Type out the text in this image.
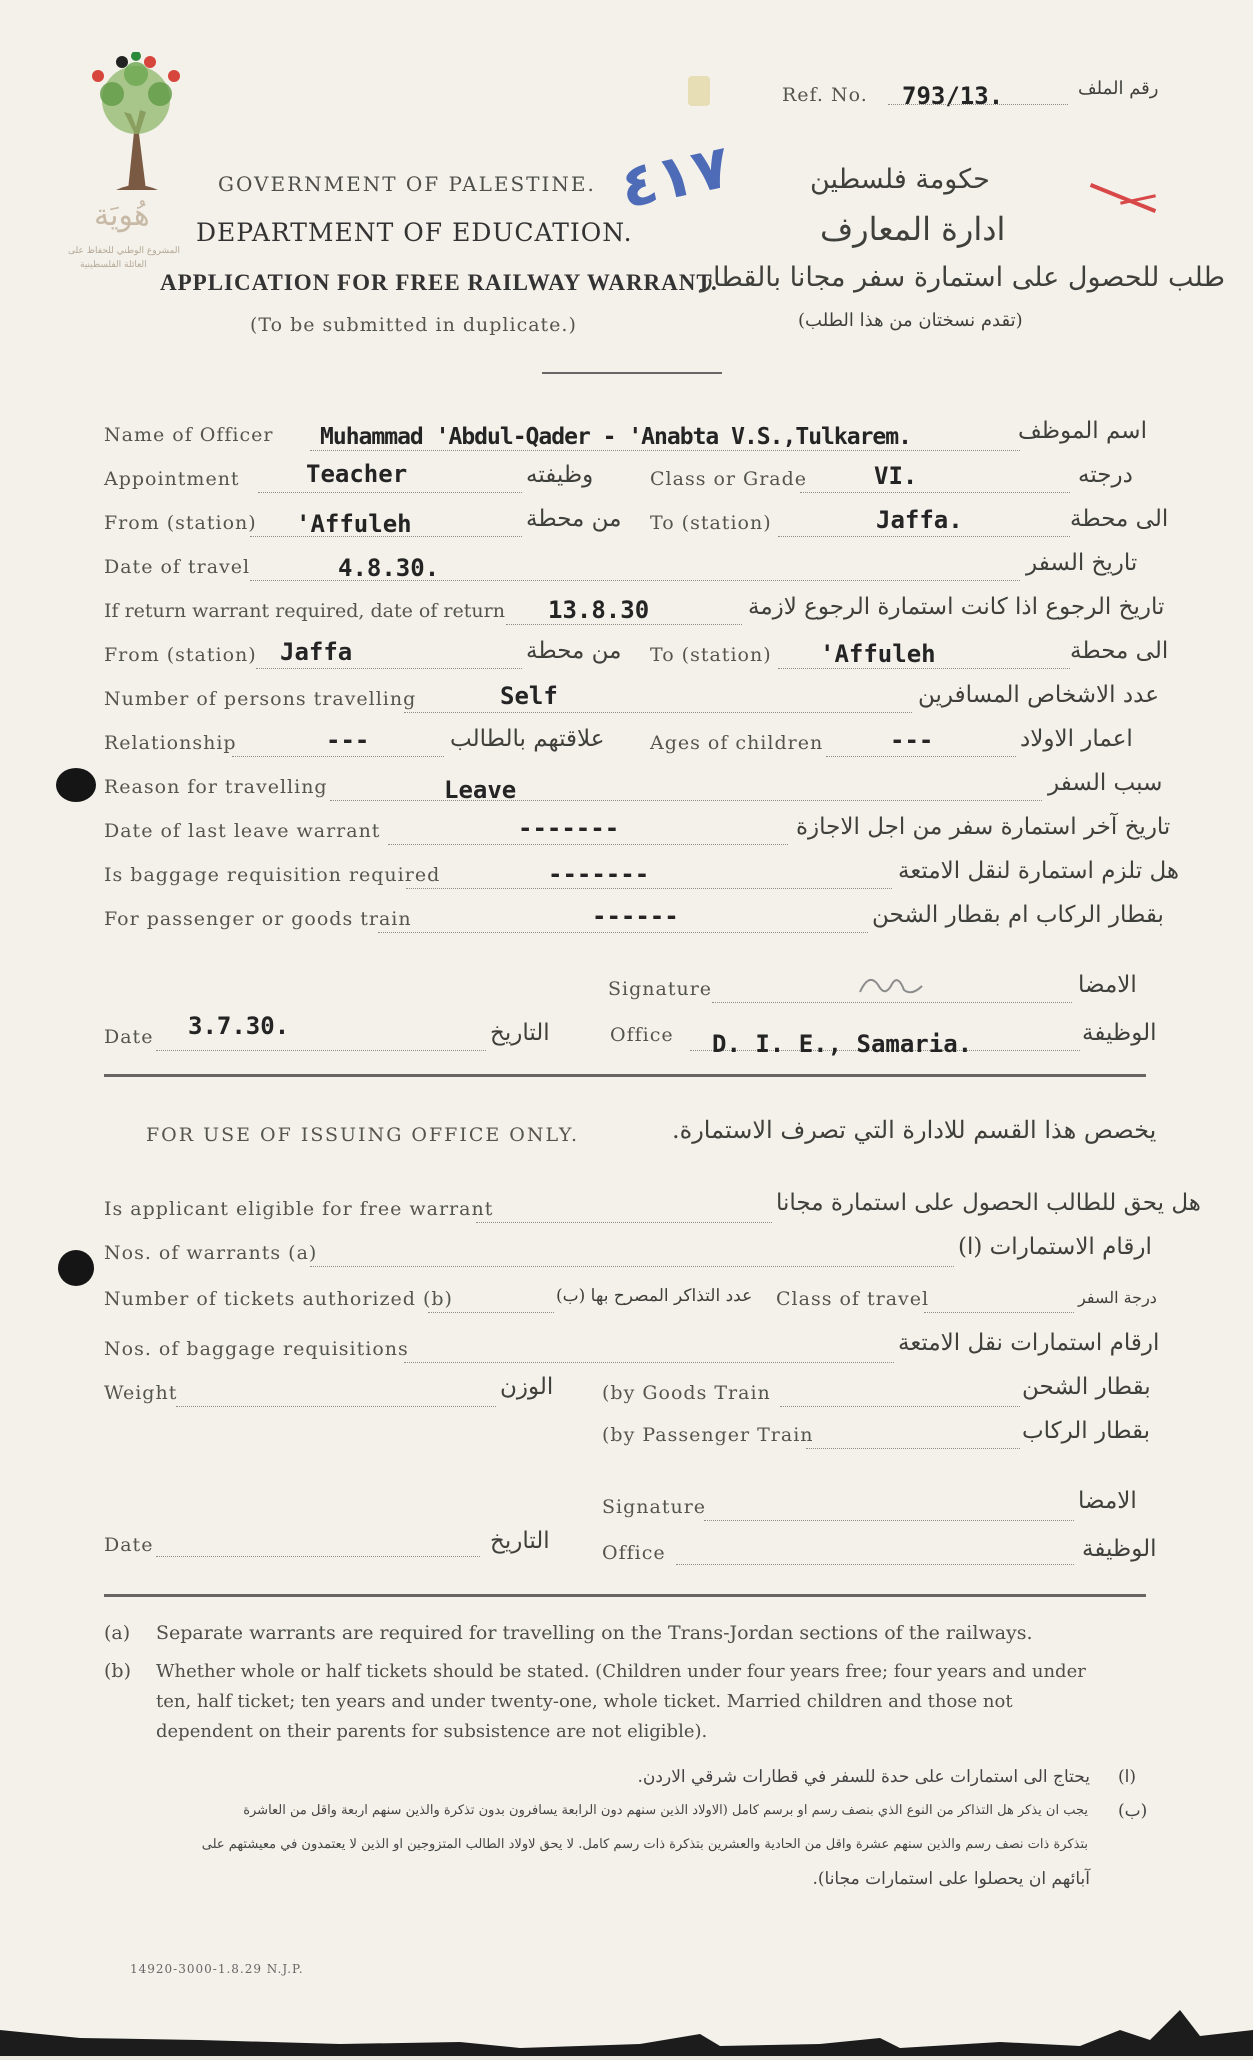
هُويَة
المشروع الوطني للحفاظ على
العائلة الفلسطينية
Ref. No. 793/13.	رقم الملف
٤١٧
GOVERNMENT OF PALESTINE.	حكومة فلسطين
DEPARTMENT OF EDUCATION.	ادارة المعارف
APPLICATION FOR FREE RAILWAY WARRANT.
طلب للحصول على استمارة سفر مجانا بالقطار
(To be submitted in duplicate.)	(تقدم نسختان من هذا الطلب)
Name of Officer Muhammad 'Abdul-Qader - 'Anabta V.S.,Tulkarem.	اسم الموظف
Appointment	Teacher	وظيفته	Class or Grade	VI.	درجته
From (station) 'Affuleh	من محطة To (station)	Jaffa.	الى محطة
Date of travel	4.8.30.	تاريخ السفر
If return warrant required, date of return 13.8.30	تاريخ الرجوع اذا كانت استمارة الرجوع لازمة
From (station) Jaffa	من محطة To (station) 'Affuleh	الى محطة
Number of persons travelling	Self	عدد الاشخاص المسافرين
Relationship	---	علاقتهم بالطالب Ages of children	---	اعمار الاولاد
Reason for travelling	Leave	سبب السفر
Date of last leave warrant	-------	تاريخ آخر استمارة سفر من اجل الاجازة
Is baggage requisition required	-------	هل تلزم استمارة لنقل الامتعة
For passenger or goods train	------	بقطار الركاب ام بقطار الشحن
Signature	الامضا
Date 3.7.30.	التاريخ	Office D. I. E., Samaria.	الوظيفة
FOR USE OF ISSUING OFFICE ONLY.	يخصص هذا القسم للادارة التي تصرف الاستمارة.
Is applicant eligible for free warrant	هل يحق للطالب الحصول على استمارة مجانا
Nos. of warrants (a)	ارقام الاستمارات (ا)
Number of tickets authorized (b)	عدد التذاكر المصرح بها (ب) Class of travel	درجة السفر
Nos. of baggage requisitions	ارقام استمارات نقل الامتعة
Weight	الوزن	(by Goods Train	بقطار الشحن
(by Passenger Train	بقطار الركاب
Signature	الامضا
Date	التاريخ	Office	الوظيفة
(a) Separate warrants are required for travelling on the Trans-Jordan sections of the railways.
(b) Whether whole or half tickets should be stated. (Children under four years free; four years and under
ten, half ticket; ten years and under twenty-one, whole ticket. Married children and those not
dependent on their parents for subsistence are not eligible).
(ا)
يحتاج الى استمارات على حدة للسفر في قطارات شرقي الاردن.
(ب)
يجب ان يذكر هل التذاكر من النوع الذي بنصف رسم او برسم كامل (الاولاد الذين سنهم دون الرابعة يسافرون بدون تذكرة والذين سنهم اربعة واقل من العاشرة
بتذكرة ذات نصف رسم والذين سنهم عشرة واقل من الحادية والعشرين بتذكرة ذات رسم كامل. لا يحق لاولاد الطالب المتزوجين او الذين لا يعتمدون في معيشتهم على
آبائهم ان يحصلوا على استمارات مجانا).
14920-3000-1.8.29 N.J.P.
